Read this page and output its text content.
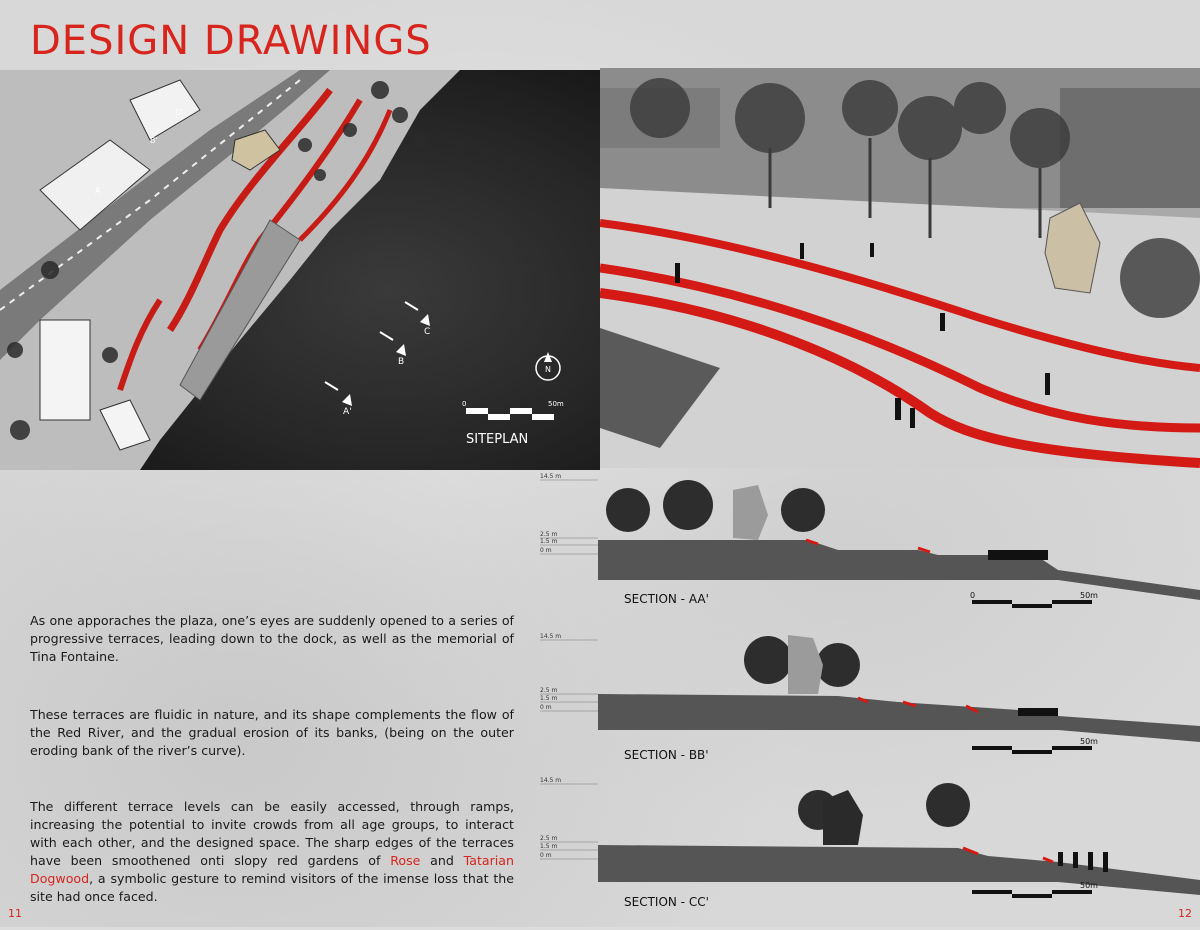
DESIGN DRAWINGS
C
B
A'
A
B'
C'
N
0	50m
SITEPLAN
14.5 m
2.5 m
1.5 m
0 m
SECTION - AA'	0	50m
14.5 m
2.5 m
1.5 m
0 m
SECTION - BB'
50m
14.5 m
2.5 m
1.5 m
0 m
SECTION - CC'
50m

As one apporaches the plaza, one’s eyes are suddenly opened to a series of progressive terraces, leading down to the dock, as well as the memorial of Tina Fontaine.

These terraces are fluidic in nature, and its shape complements the flow of the Red River, and the gradual erosion of its banks, (being on the outer eroding bank of the river’s curve).

The different terrace levels can be easily accessed, through ramps, increasing the potential to invite crowds from all age groups, to interact with each other, and the designed space. The sharp edges of the terraces have been smoothened onti slopy red gardens of Rose and Tatarian Dogwood, a symbolic gesture to remind visitors of the imense loss that the site had once faced.

11	12
